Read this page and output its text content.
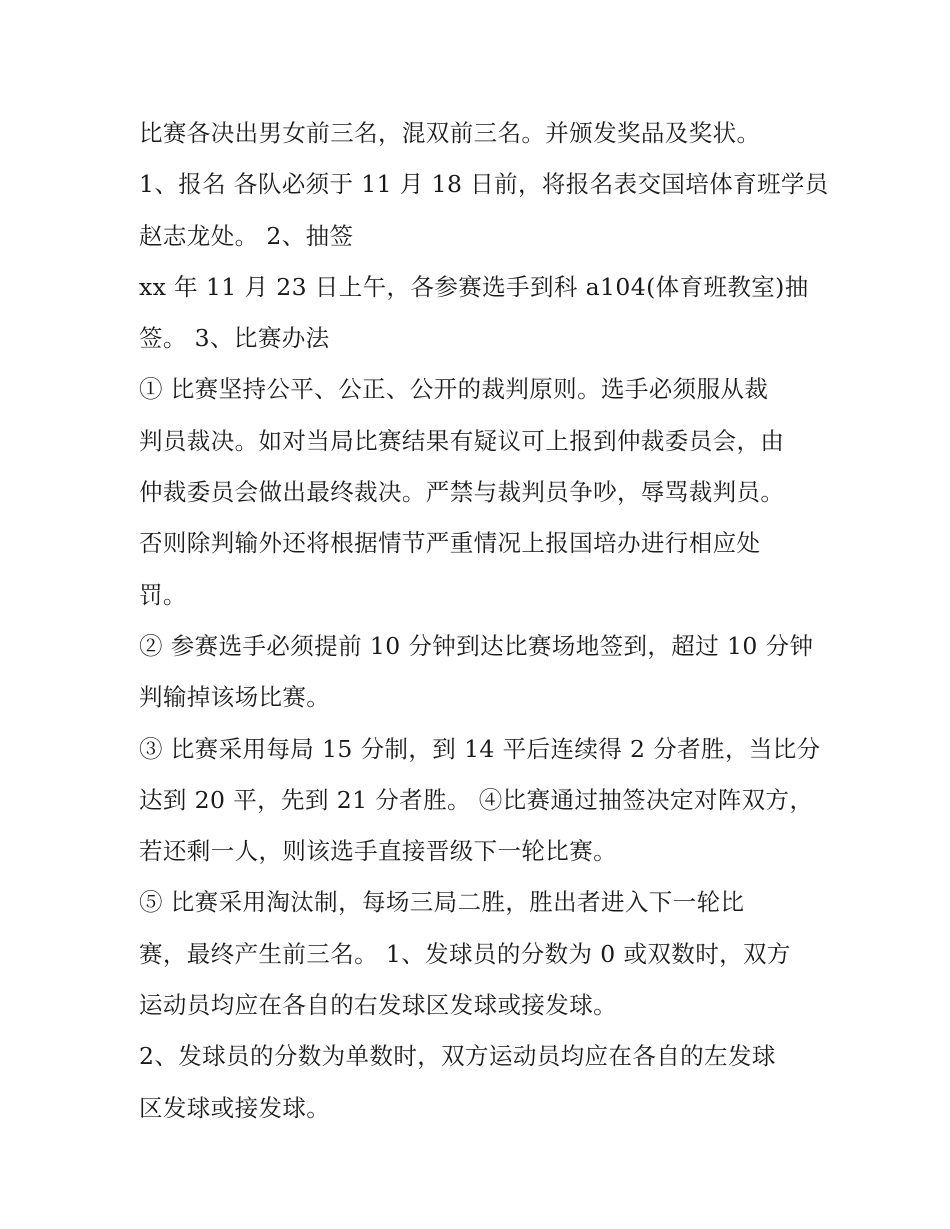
比赛各决出男女前三名，混双前三名。并颁发奖品及奖状。
1、报名 各队必须于 11 月 18 日前，将报名表交国培体育班学员
赵志龙处。 2、抽签
xx 年 11 月 23 日上午，各参赛选手到科 a104(体育班教室)抽
签。 3、比赛办法
① 比赛坚持公平、公正、公开的裁判原则。选手必须服从裁
判员裁决。如对当局比赛结果有疑议可上报到仲裁委员会，由
仲裁委员会做出最终裁决。严禁与裁判员争吵，辱骂裁判员。
否则除判输外还将根据情节严重情况上报国培办进行相应处
罚。
② 参赛选手必须提前 10 分钟到达比赛场地签到，超过 10 分钟
判输掉该场比赛。
③ 比赛采用每局 15 分制，到 14 平后连续得 2 分者胜，当比分
达到 20 平，先到 21 分者胜。 ④比赛通过抽签决定对阵双方，
若还剩一人，则该选手直接晋级下一轮比赛。
⑤ 比赛采用淘汰制，每场三局二胜，胜出者进入下一轮比
赛，最终产生前三名。 1、发球员的分数为 0 或双数时，双方
运动员均应在各自的右发球区发球或接发球。
2、发球员的分数为单数时，双方运动员均应在各自的左发球
区发球或接发球。
